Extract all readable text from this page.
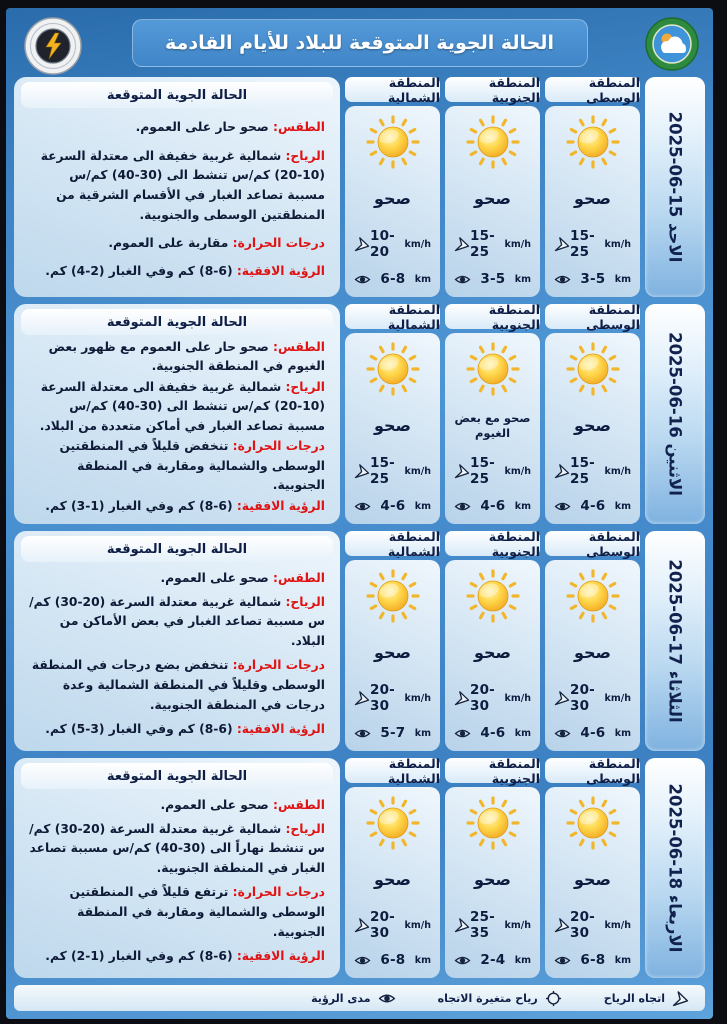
الحالة الجوية المتوقعة للبلاد للأيام القادمة
الاحد 15-06-2025
المنطقة الوسطى
صحو
15-25	km/h
3-5 km
المنطقة الجنوبية
صحو
15-25	km/h
3-5 km
المنطقة الشمالية
صحو
10-20	km/h
6-8 km
الحالة الجوية المتوقعة

الطقس: صحو حار على العموم.

الرياح: شمالية غربية خفيفة الى معتدلة السرعة (10-20) كم/س تنشط الى (30-40) كم/س مسببة تصاعد الغبار في الأقسام الشرقية من المنطقتين الوسطى والجنوبية.

درجات الحرارة: مقاربة على العموم.

الرؤية الافقية: (6-8) كم وفي الغبار (2-4) كم.

الاثنين 16-06-2025
المنطقة الوسطى
صحو
15-25	km/h
4-6 km
المنطقة الجنوبية
صحو مع بعض الغيوم
15-25	km/h
4-6 km
المنطقة الشمالية
صحو
15-25	km/h
4-6 km
الحالة الجوية المتوقعة

الطقس: صحو حار على العموم مع ظهور بعض الغيوم في المنطقة الجنوبية.

الرياح: شمالية غربية خفيفة الى معتدلة السرعة (10-20) كم/س تنشط الى (30-40) كم/س مسببة تصاعد الغبار في أماكن متعددة من البلاد.

درجات الحرارة: تنخفض قليلاً في المنطقتين الوسطى والشمالية ومقاربة في المنطقة الجنوبية.

الرؤية الافقية: (6-8) كم وفي الغبار (1-3) كم.

الثلاثاء 17-06-2025
المنطقة الوسطى
صحو
20-30	km/h
4-6 km
المنطقة الجنوبية
صحو
20-30	km/h
4-6 km
المنطقة الشمالية
صحو
20-30	km/h
5-7 km
الحالة الجوية المتوقعة

الطقس: صحو على العموم.

الرياح: شمالية غربية معتدلة السرعة (20-30) كم/س مسببة تصاعد الغبار في بعض الأماكن من البلاد.

درجات الحرارة: تنخفض بضع درجات في المنطقة الوسطى وقليلاً في المنطقة الشمالية وعدة درجات في المنطقة الجنوبية.

الرؤية الافقية: (6-8) كم وفي الغبار (3-5) كم.

الاربعاء 18-06-2025
المنطقة الوسطى
صحو
20-30	km/h
6-8 km
المنطقة الجنوبية
صحو
25-35	km/h
2-4 km
المنطقة الشمالية
صحو
20-30	km/h
6-8 km
الحالة الجوية المتوقعة

الطقس: صحو على العموم.

الرياح: شمالية غربية معتدلة السرعة (20-30) كم/س تنشط نهاراً الى (30-40) كم/س مسببة تصاعد الغبار في المنطقة الجنوبية.

درجات الحرارة: ترتفع قليلاً في المنطقتين الوسطى والشمالية ومقاربة في المنطقة الجنوبية.

الرؤية الافقية: (6-8) كم وفي الغبار (1-2) كم.

اتجاه الرياح
رياح متغيرة الاتجاه
مدى الرؤية
